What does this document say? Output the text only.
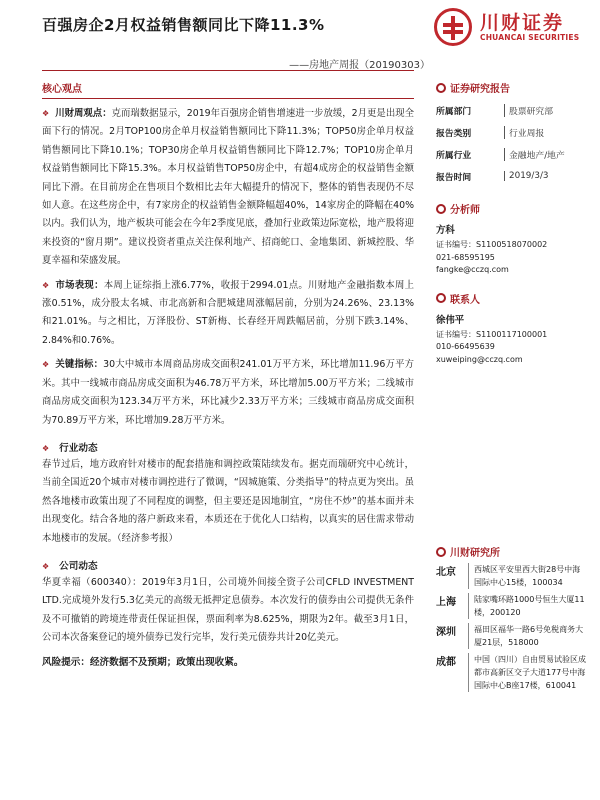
百强房企2月权益销售额同比下降11.3%
——房地产周报（20190303）
川财证券
CHUANCAI SECURITIES
核心观点
❖ 川财周观点：克而瑞数据显示，2019年百强房企销售增速进一步放缓，2月更是出现全面下行的情况。2月TOP100房企单月权益销售额同比下降11.3%；TOP50房企单月权益销售额同比下降10.1%；TOP30房企单月权益销售额同比下降12.7%；TOP10房企单月权益销售额同比下降15.3%。本月权益销售TOP50房企中，有超4成房企的权益销售金额同比下滑。在目前房企在售项目个数相比去年大幅提升的情况下，整体的销售表现仍不尽如人意。在这些房企中，有7家房企的权益销售金额降幅超40%，14家房企的降幅在40%以内。我们认为，地产板块可能会在今年2季度见底，叠加行业政策边际宽松，地产股将迎来投资的“窗月期”。建议投资者重点关注保利地产、招商蛇口、金地集团、新城控股、华夏幸福和荣盛发展。
❖ 市场表现：本周上证综指上涨6.77%，收报于2994.01点。川财地产金融指数本周上涨0.51%，成分股太名城、市北高新和合肥城建周涨幅居前，分别为24.26%、23.13%和21.01%。与之相比，万泽股份、ST新梅、长春经开周跌幅居前，分别下跌3.14%、2.84%和0.76%。
❖ 关键指标：30大中城市本周商品房成交面积241.01万平方米，环比增加11.96万平方米。其中一线城市商品房成交面积为46.78万平方米，环比增加5.00万平方米；二线城市商品房成交面积为123.34万平方米，环比减少2.33万平方米；三线城市商品房成交面积为70.89万平方米，环比增加9.28万平方米。
❖ 行业动态
春节过后，地方政府针对楼市的配套措施和调控政策陆续发布。据克而瑞研究中心统计，当前全国近20个城市对楼市调控进行了微调，“因城施策、分类指导”的特点更为突出。虽然各地楼市政策出现了不同程度的调整，但主要还是因地制宜，“房住不炒”的基本面并未出现变化。结合各地的落户新政来看，本质还在于优化人口结构，以真实的居住需求带动本地楼市的发展。（经济参考报）
❖ 公司动态
华夏幸福（600340）：2019年3月1日，公司境外间接全资子公司CFLD INVESTMENT LTD.完成境外发行5.3亿美元的高级无抵押定息债券。本次发行的债券由公司提供无条件及不可撤销的跨境连带责任保证担保，票面利率为8.625%，期限为2年。截至3月1日，公司本次备案登记的境外债券已发行完毕，发行美元债券共计20亿美元。
风险提示：经济数据不及预期；政策出现收紧。
证券研究报告
所属部门	股票研究部
报告类别	行业周报
所属行业	金融地产/地产
报告时间	2019/3/3
分析师
方科
证书编号：S1100518070002
021-68595195
fangke@cczq.com
联系人
徐伟平
证书编号：S1100117100001
010-66495639
xuweiping@cczq.com
川财研究所
北京	西城区平安里西大街28号中海国际中心15楼，100034
上海	陆家嘴环路1000号恒生大厦11楼，200120
深圳	福田区福华一路6号免税商务大厦21层，518000
成都	中国（四川）自由贸易试验区成都市高新区交子大道177号中海国际中心B座17楼，610041
